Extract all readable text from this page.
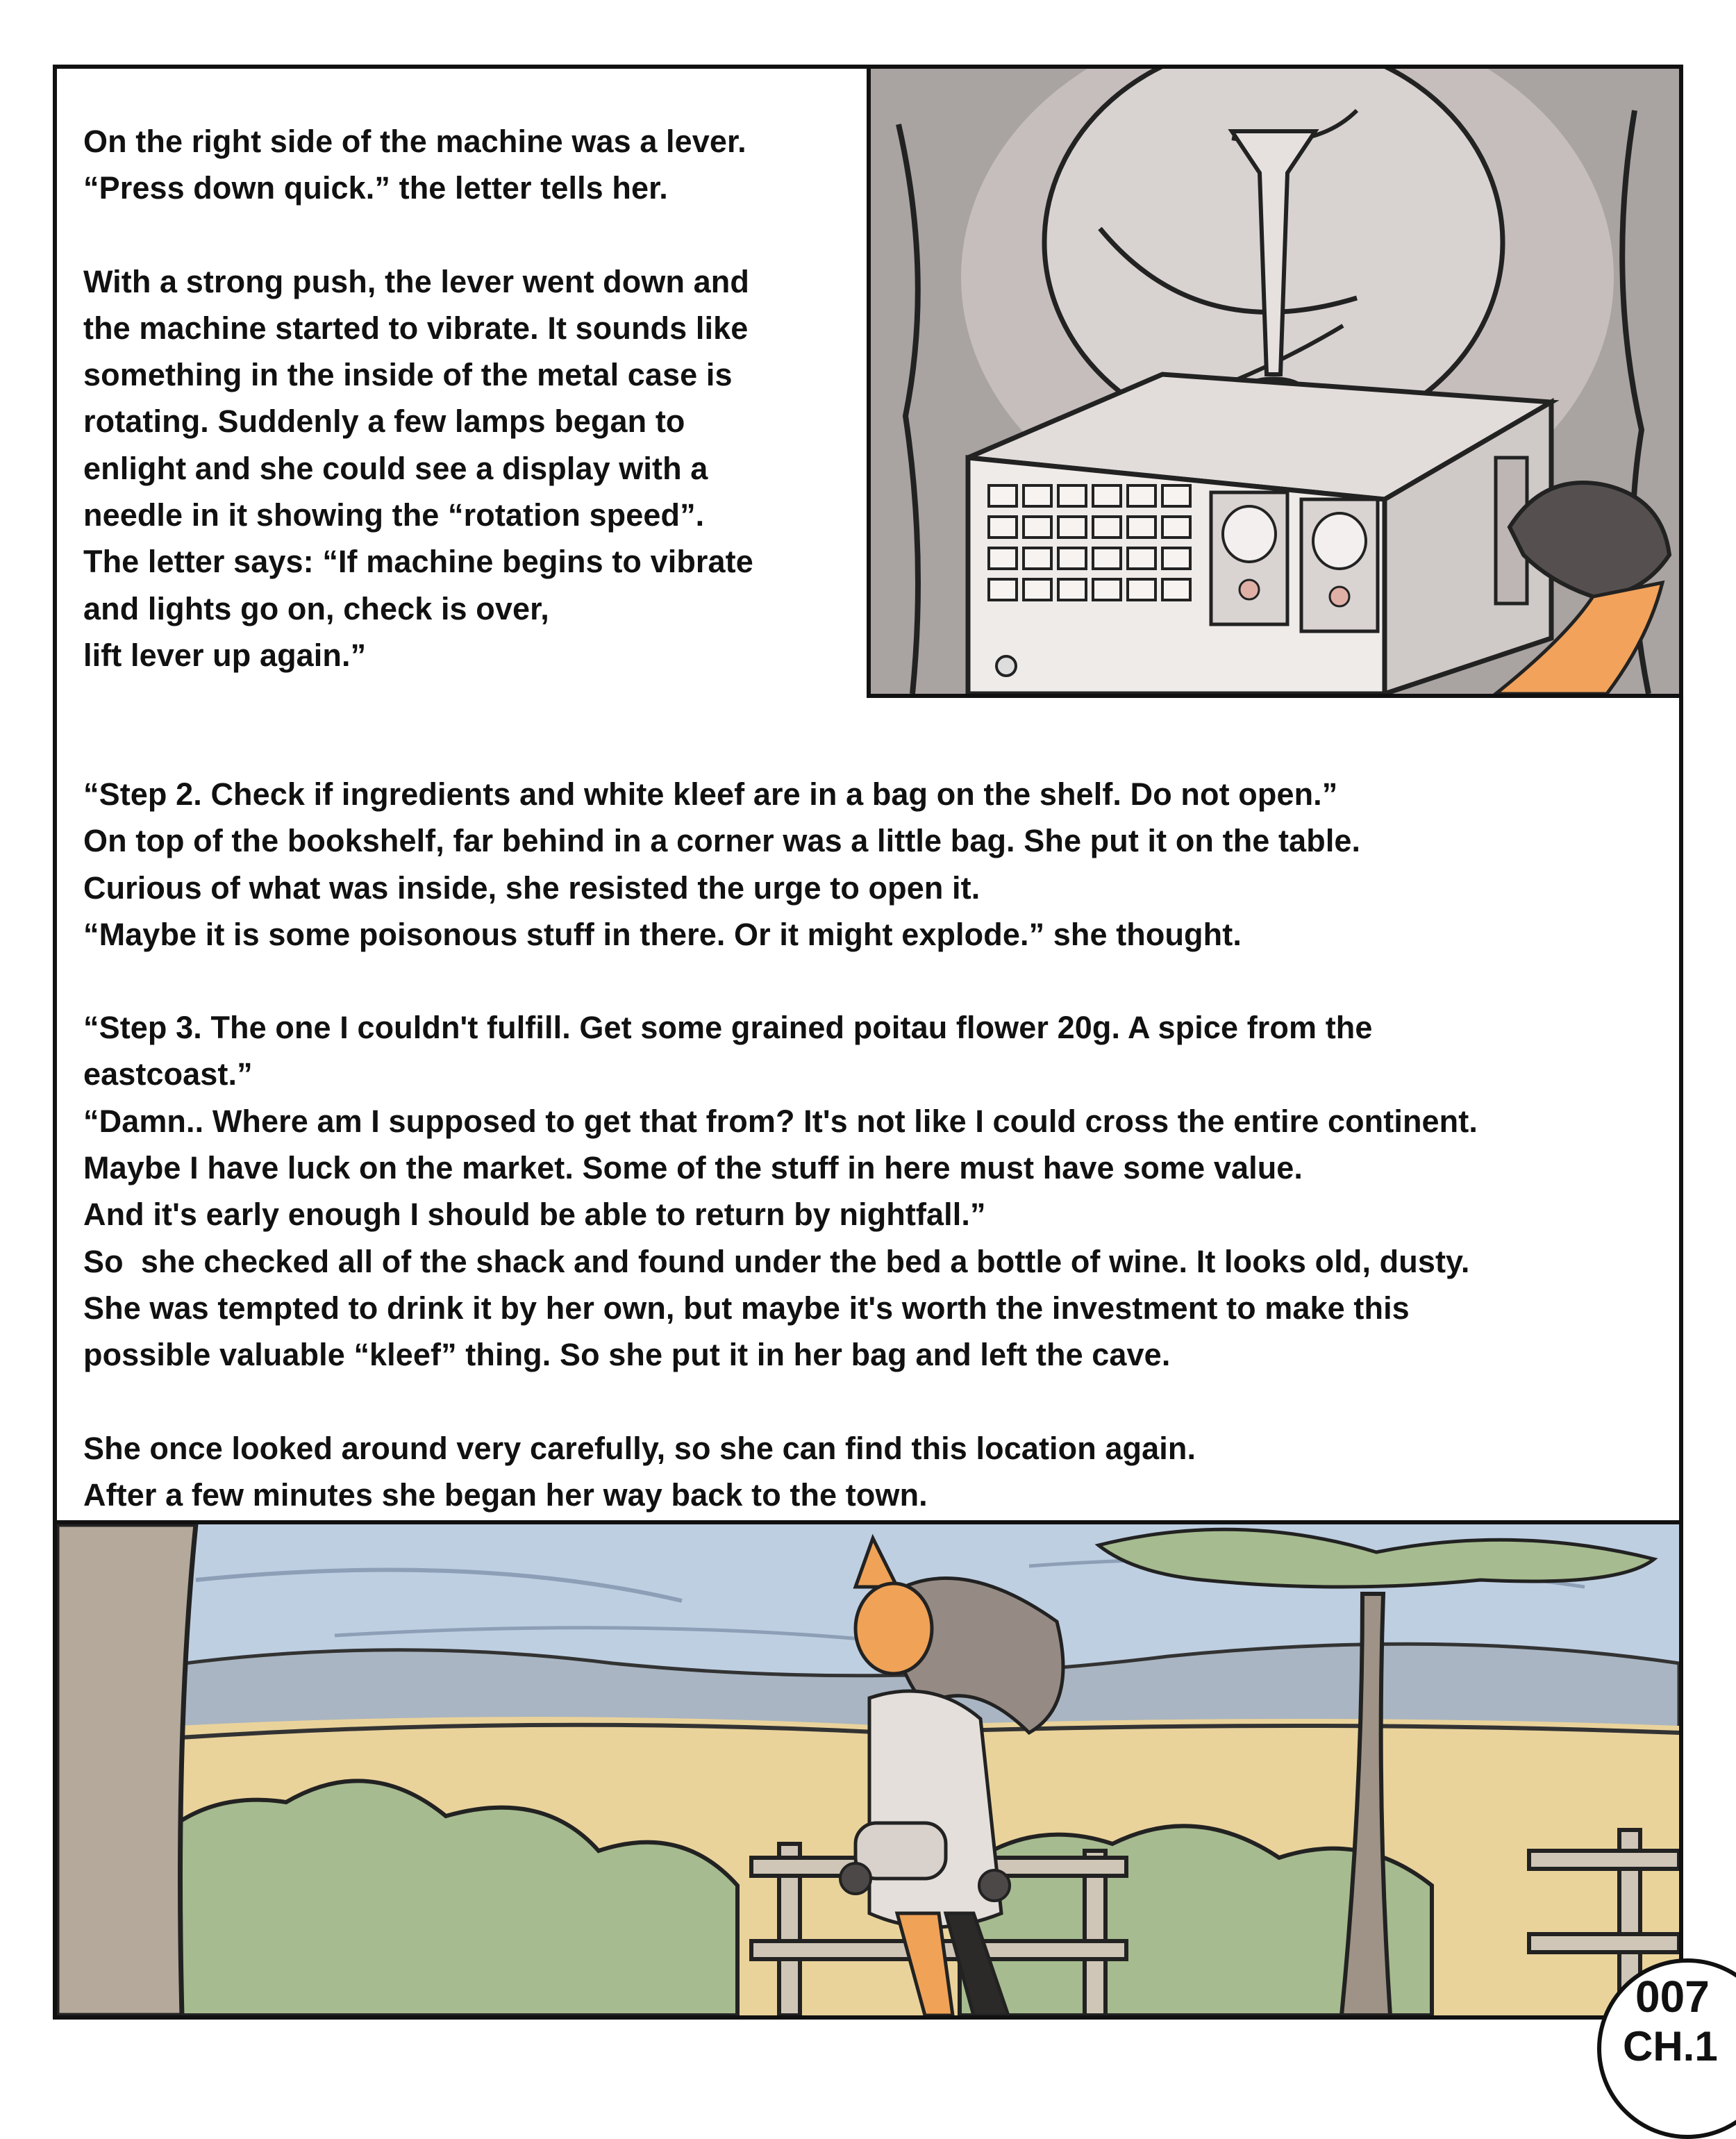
On the right side of the machine was a lever.

“Press down quick.” the letter tells her.

With a strong push, the lever went down and

the machine started to vibrate. It sounds like

something in the inside of the metal case is

rotating. Suddenly a few lamps began to

enlight and she could see a display with a

needle in it showing the “rotation speed”.

The letter says: “If machine begins to vibrate

and lights go on, check is over,

lift lever up again.”

“Step 2. Check if ingredients and white kleef are in a bag on the shelf. Do not open.”

On top of the bookshelf, far behind in a corner was a little bag. She put it on the table.

Curious of what was inside, she resisted the urge to open it.

“Maybe it is some poisonous stuff in there. Or it might explode.” she thought.

“Step 3. The one I couldn't fulfill. Get some grained poitau flower 20g. A spice from the

eastcoast.”

“Damn.. Where am I supposed to get that from? It's not like I could cross the entire continent.

Maybe I have luck on the market. Some of the stuff in here must have some value.

And it's early enough I should be able to return by nightfall.”

So  she checked all of the shack and found under the bed a bottle of wine. It looks old, dusty.

She was tempted to drink it by her own, but maybe it's worth the investment to make this

possible valuable “kleef” thing. So she put it in her bag and left the cave.

She once looked around very carefully, so she can find this location again.

After a few minutes she began her way back to the town.

007
CH.1
